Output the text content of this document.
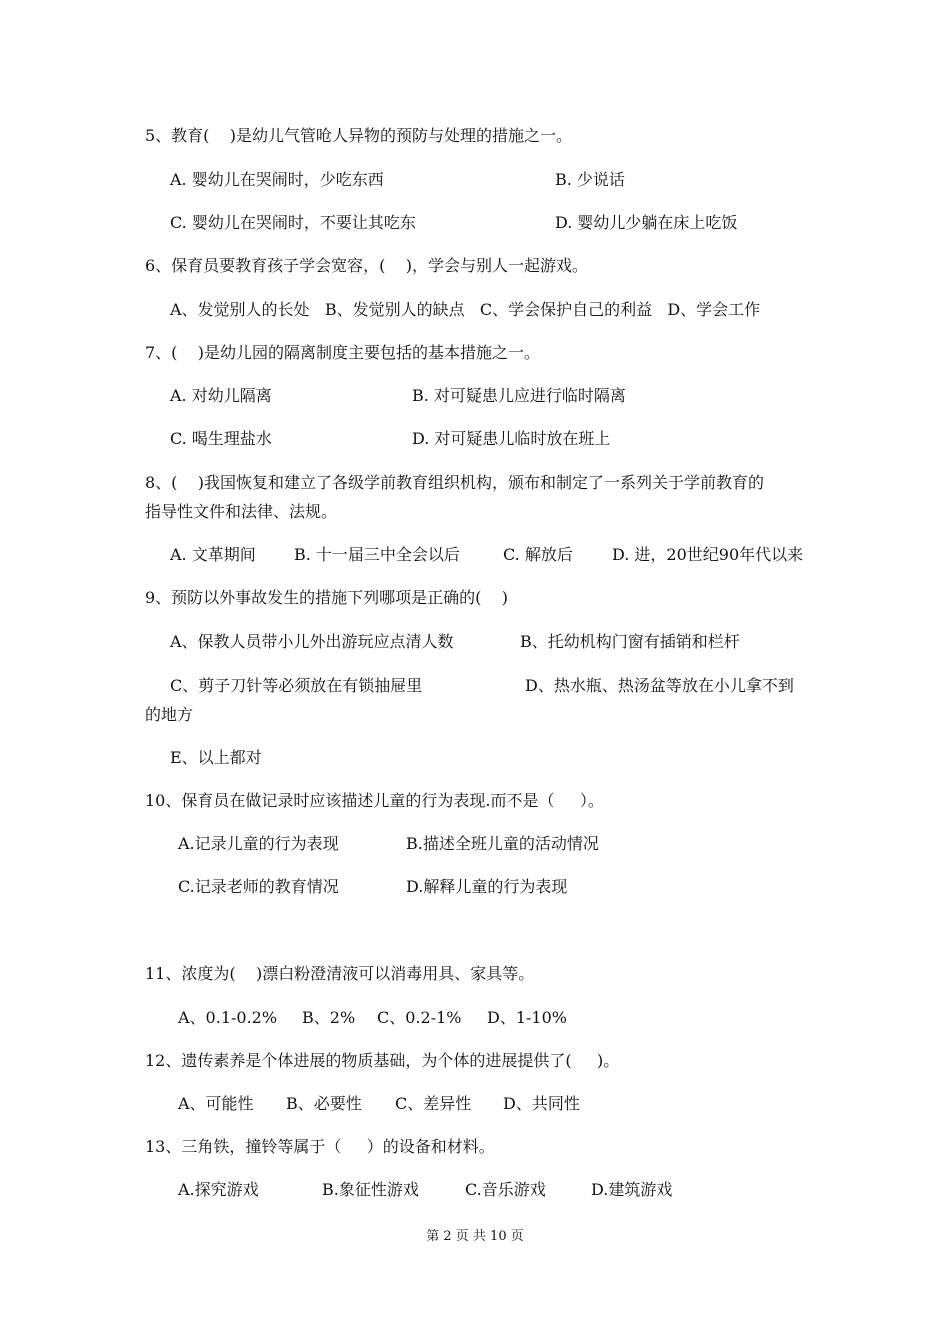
5、教育(    )是幼儿气管呛人异物的预防与处理的措施之一。
A. 婴幼儿在哭闹时，少吃东西	B. 少说话
C. 婴幼儿在哭闹时，不要让其吃东	D. 婴幼儿少躺在床上吃饭
6、保育员要教育孩子学会宽容，(    )，学会与别人一起游戏。
A、发觉别人的长处   B、发觉别人的缺点   C、学会保护自己的利益   D、学会工作
7、(    )是幼儿园的隔离制度主要包括的基本措施之一。
A. 对幼儿隔离	B. 对可疑患儿应进行临时隔离
C. 喝生理盐水	D. 对可疑患儿临时放在班上
8、(    )我国恢复和建立了各级学前教育组织机构，颁布和制定了一系列关于学前教育的
指导性文件和法律、法规。
A. 文革期间 B. 十一届三中全会以后	C. 解放后 D. 进，20世纪90年代以来
9、预防以外事故发生的措施下列哪项是正确的(    )
A、保教人员带小儿外出游玩应点清人数	B、托幼机构门窗有插销和栏杆
C、剪子刀针等必须放在有锁抽屉里	D、热水瓶、热汤盆等放在小儿拿不到
的地方
E、以上都对
10、保育员在做记录时应该描述儿童的行为表现.而不是（     ）。
A.记录儿童的行为表现	B.描述全班儿童的活动情况
C.记录老师的教育情况	D.解释儿童的行为表现
11、浓度为(    )漂白粉澄清液可以消毒用具、家具等。
A、0.1-0.2% B、2% C、0.2-1% D、1-10%
12、遗传素养是个体进展的物质基础，为个体的进展提供了(     )。
A、可能性 B、必要性 C、差异性 D、共同性
13、三角铁，撞铃等属于（     ）的设备和材料。
A.探究游戏	B.象征性游戏	C.音乐游戏	D.建筑游戏
第 2 页 共 10 页
